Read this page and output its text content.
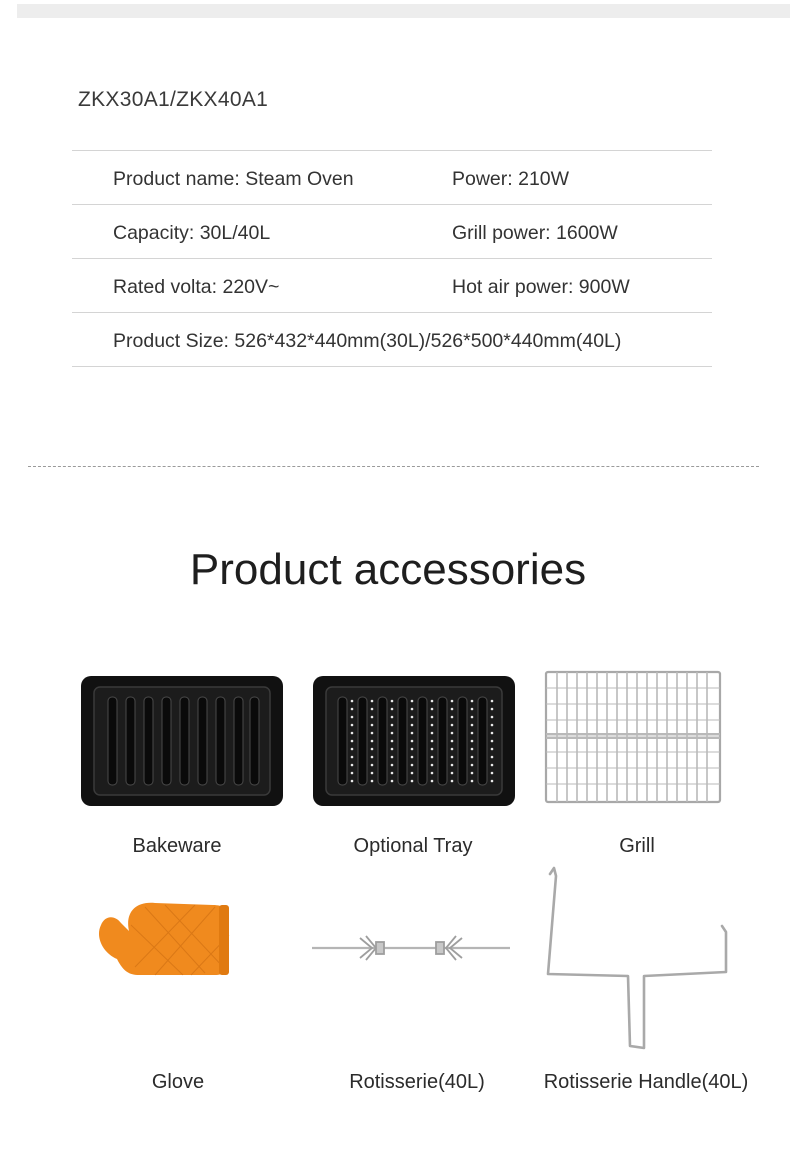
ZKX30A1/ZKX40A1
Product name: Steam Oven	Power: 210W
Capacity: 30L/40L	Grill power: 1600W
Rated volta: 220V~	Hot air power: 900W
Product Size: 526*432*440mm(30L)/526*500*440mm(40L)
Product accessories
Bakeware	Optional Tray	Grill
Glove	Rotisserie(40L)	Rotisserie Handle(40L)
